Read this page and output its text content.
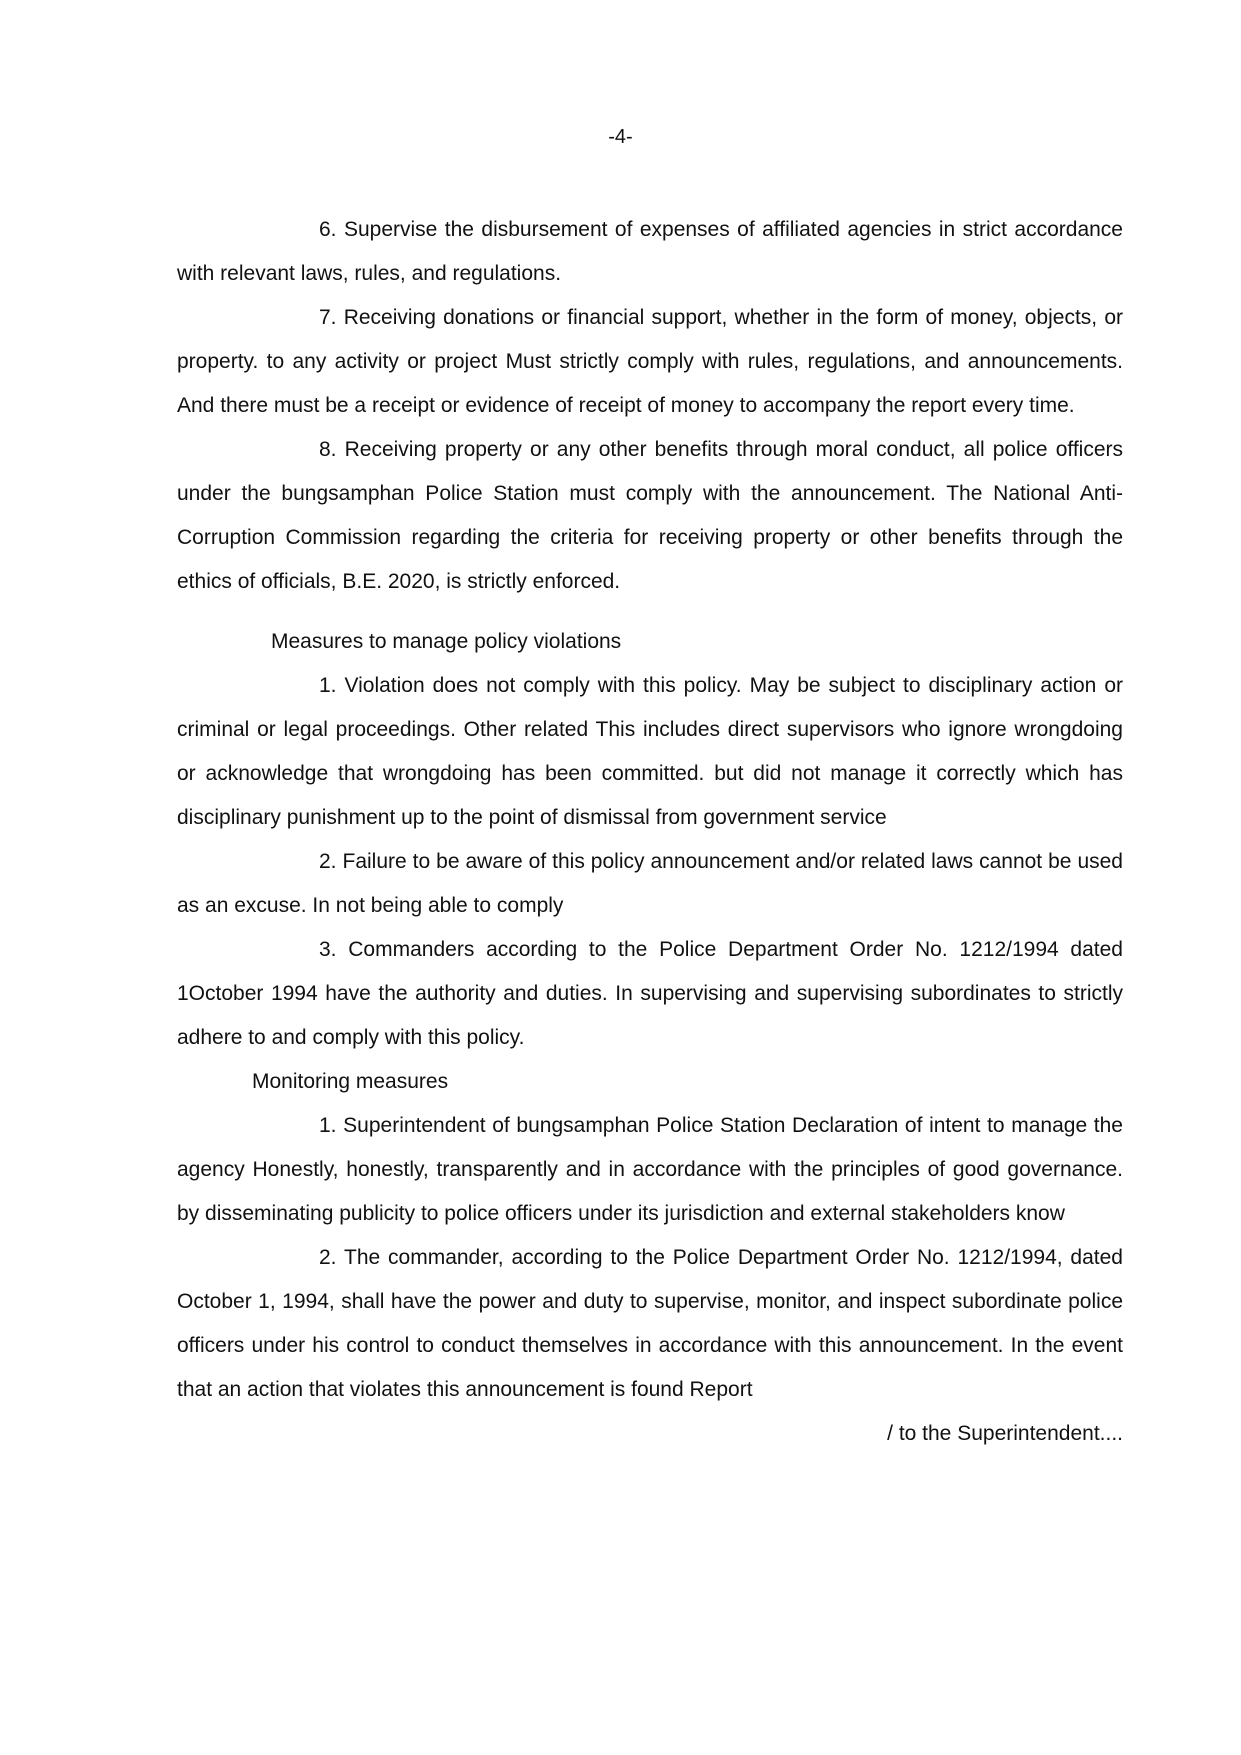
-4-

6. Supervise the disbursement of expenses of affiliated agencies in strict accordance with relevant laws, rules, and regulations.

7. Receiving donations or financial support, whether in the form of money, objects, or property. to any activity or project Must strictly comply with rules, regulations, and announcements. And there must be a receipt or evidence of receipt of money to accompany the report every time.

8. Receiving property or any other benefits through moral conduct, all police officers under the bungsamphan Police Station must comply with the announcement. The National Anti-Corruption Commission regarding the criteria for receiving property or other benefits through the ethics of officials, B.E. 2020, is strictly enforced.

Measures to manage policy violations

1. Violation does not comply with this policy. May be subject to disciplinary action or criminal or legal proceedings. Other related This includes direct supervisors who ignore wrongdoing or acknowledge that wrongdoing has been committed. but did not manage it correctly which has disciplinary punishment up to the point of dismissal from government service

2. Failure to be aware of this policy announcement and/or related laws cannot be used as an excuse. In not being able to comply

3. Commanders according to the Police Department Order No. 1212/1994 dated 1October 1994 have the authority and duties. In supervising and supervising subordinates to strictly adhere to and comply with this policy.

Monitoring measures

1. Superintendent of bungsamphan Police Station Declaration of intent to manage the agency Honestly, honestly, transparently and in accordance with the principles of good governance. by disseminating publicity to police officers under its jurisdiction and external stakeholders know

2. The commander, according to the Police Department Order No. 1212/1994, dated October 1, 1994, shall have the power and duty to supervise, monitor, and inspect subordinate police officers under his control to conduct themselves in accordance with this announcement. In the event that an action that violates this announcement is found Report

/ to the Superintendent....
